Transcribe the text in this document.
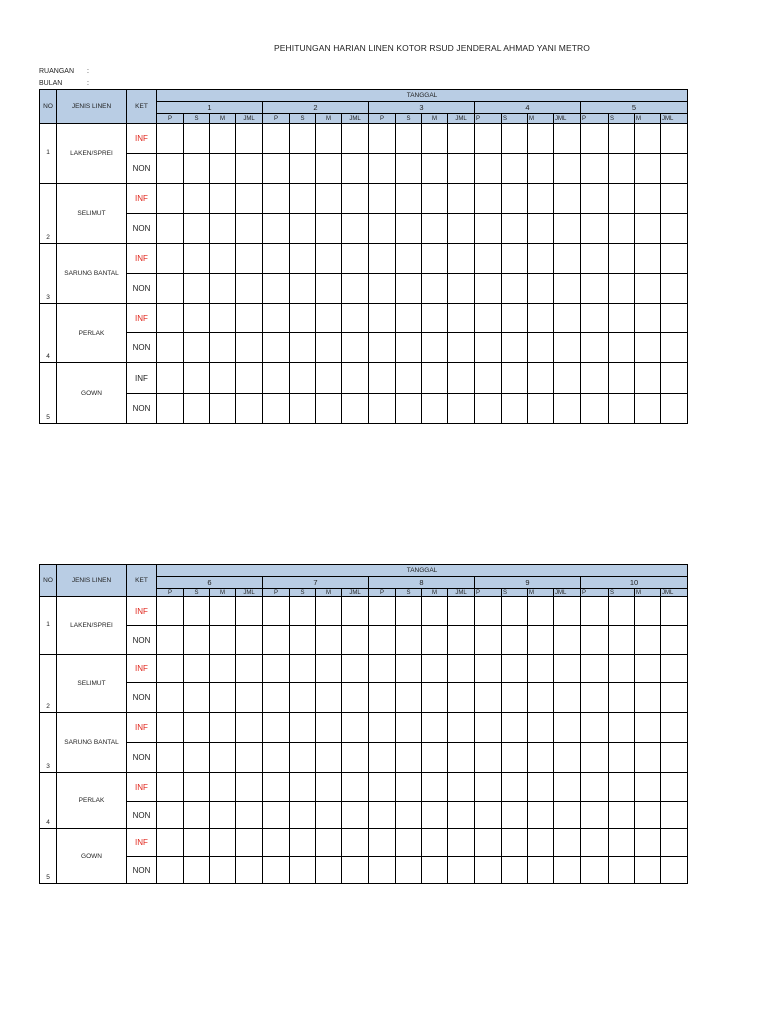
PEHITUNGAN HARIAN LINEN KOTOR RSUD JENDERAL AHMAD YANI METRO
RUANGAN :
BULAN	:
NO	JENIS LINEN	KET	TANGGAL																			
			1				2				3				4				5			
			P	S	M	JML	P	S	M	JML	P	S	M	JML	P	S	M	JML	P	S	M	JML
1	LAKEN/SPREI	INF																				
		NON																				
2	SELIMUT	INF																				
		NON																				
3	SARUNG BANTAL	INF																				
		NON																				
4	PERLAK	INF																				
		NON																				
5	GOWN	INF																				
		NON																				
NO	JENIS LINEN	KET	TANGGAL																			
			6				7				8				9				10			
			P	S	M	JML	P	S	M	JML	P	S	M	JML	P	S	M	JML	P	S	M	JML
1	LAKEN/SPREI	INF																				
		NON																				
2	SELIMUT	INF																				
		NON																				
3	SARUNG BANTAL	INF																				
		NON																				
4	PERLAK	INF																				
		NON																				
5	GOWN	INF																				
		NON																				
